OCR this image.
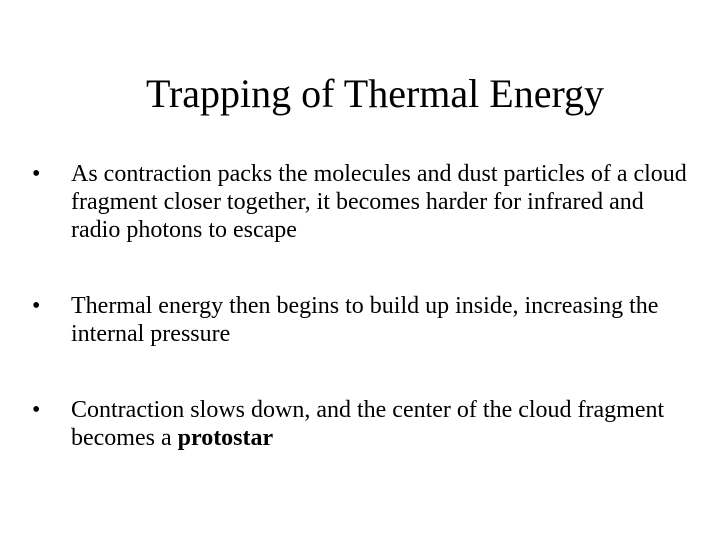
Trapping of Thermal Energy
•	As contraction packs the molecules and dust particles of a cloud fragment closer together, it becomes harder for infrared and radio photons to escape
•	Thermal energy then begins to build up inside, increasing the internal pressure
•	Contraction slows down, and the center of the cloud fragment becomes a protostar
